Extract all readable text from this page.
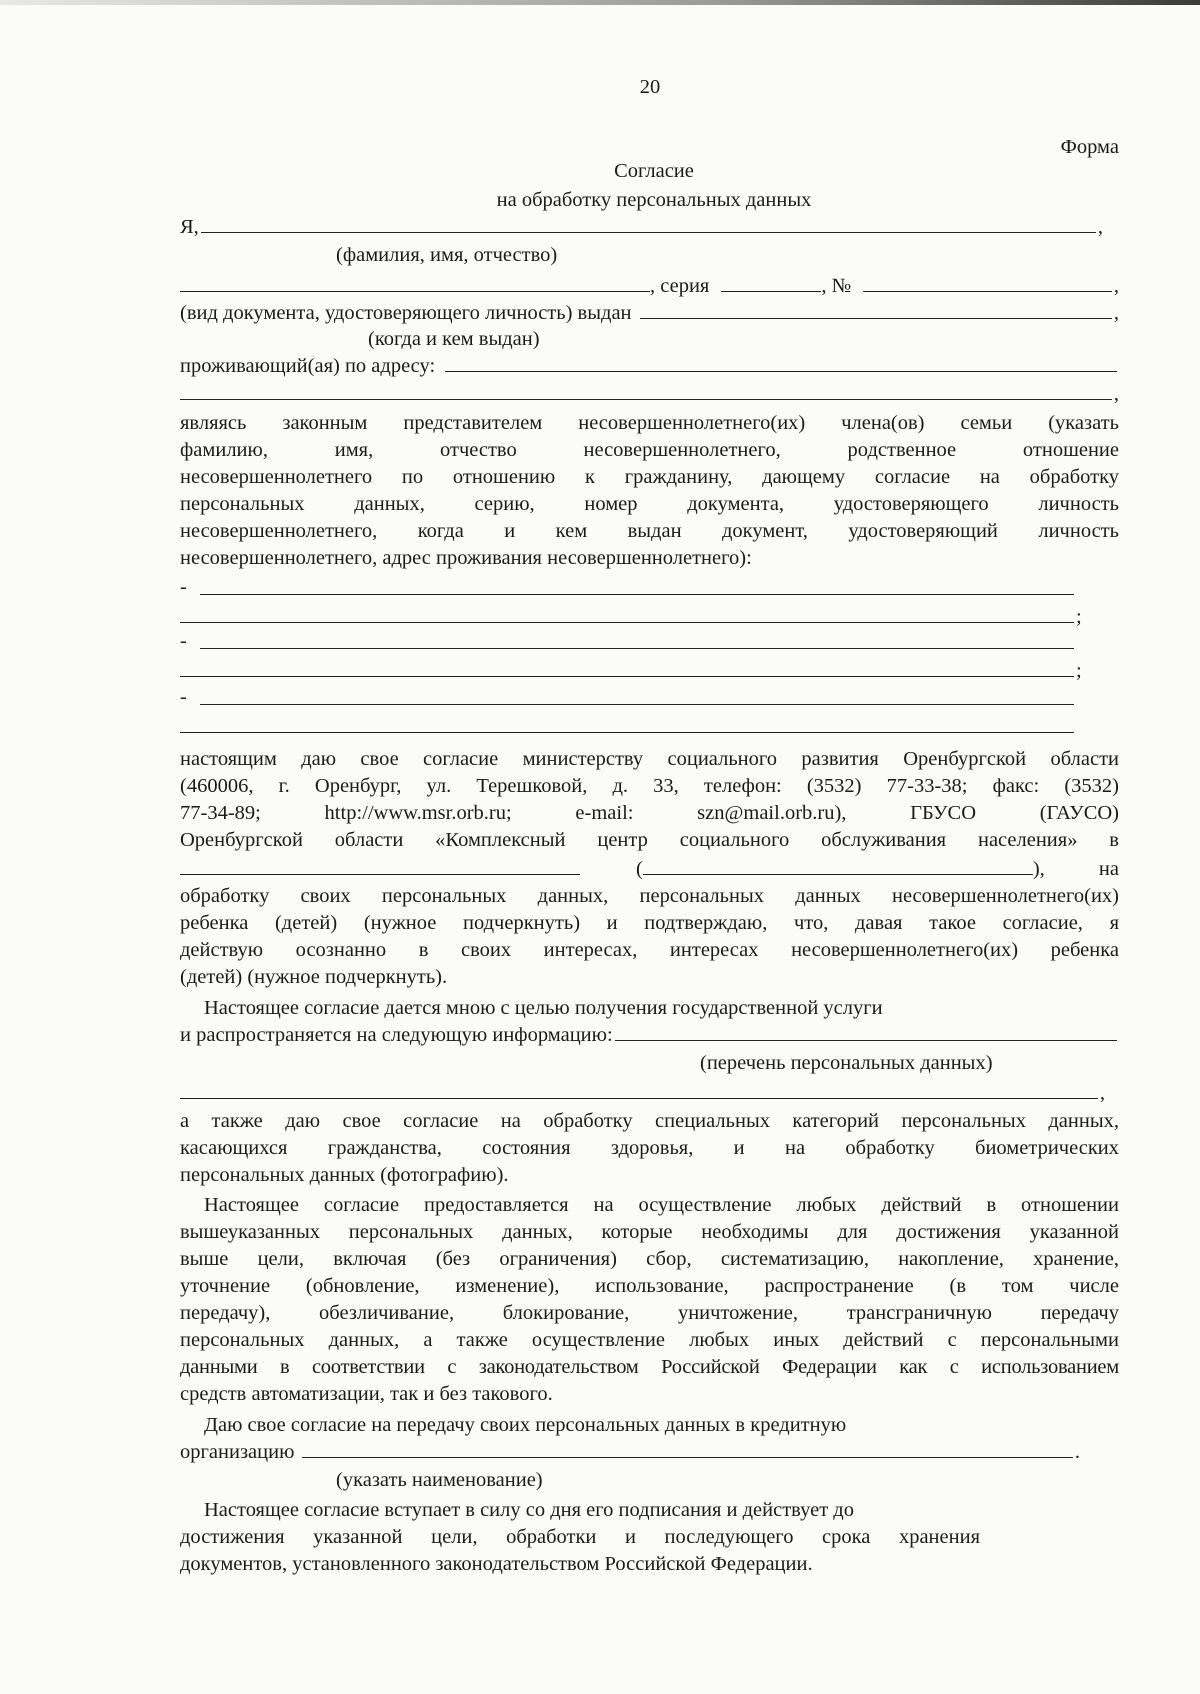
20
Форма
Согласие
на обработку персональных данных
Я,	,
(фамилия, имя, отчество)
, серия	, №	,
(вид документа, удостоверяющего личность) выдан	,
(когда и кем выдан)
проживающий(ая) по адресу:
,
являясь законным представителем несовершеннолетнего(их) члена(ов) семьи (указать
фамилию, имя, отчество несовершеннолетнего, родственное отношение
несовершеннолетнего по отношению к гражданину, дающему согласие на обработку
персональных данных, серию, номер документа, удостоверяющего личность
несовершеннолетнего, когда и кем выдан документ, удостоверяющий личность
несовершеннолетнего, адрес проживания несовершеннолетнего):
-
;
-
;
-
настоящим даю свое согласие министерству социального развития Оренбургской области
(460006, г. Оренбург, ул. Терешковой, д. 33, телефон: (3532) 77-33-38; факс: (3532)
77-34-89; http://www.msr.orb.ru; e-mail: szn@mail.orb.ru), ГБУСО (ГАУСО)
Оренбургской области «Комплексный центр социального обслуживания населения» в
(	),	на
обработку своих персональных данных, персональных данных несовершеннолетнего(их)
ребенка (детей) (нужное подчеркнуть) и подтверждаю, что, давая такое согласие, я
действую осознанно в своих интересах, интересах несовершеннолетнего(их) ребенка
(детей) (нужное подчеркнуть).
Настоящее согласие дается мною с целью получения государственной услуги
и распространяется на следующую информацию:
(перечень персональных данных)
,
а также даю свое согласие на обработку специальных категорий персональных данных,
касающихся гражданства, состояния здоровья, и на обработку биометрических
персональных данных (фотографию).
Настоящее согласие предоставляется на осуществление любых действий в отношении
вышеуказанных персональных данных, которые необходимы для достижения указанной
выше цели, включая (без ограничения) сбор, систематизацию, накопление, хранение,
уточнение (обновление, изменение), использование, распространение (в том числе
передачу), обезличивание, блокирование, уничтожение, трансграничную передачу
персональных данных, а также осуществление любых иных действий с персональными
данными в соответствии с законодательством Российской Федерации как с использованием
средств автоматизации, так и без такового.
Даю свое согласие на передачу своих персональных данных в кредитную
организацию	.
(указать наименование)
Настоящее согласие вступает в силу со дня его подписания и действует до
достижения указанной цели, обработки и последующего срока хранения
документов, установленного законодательством Российской Федерации.
